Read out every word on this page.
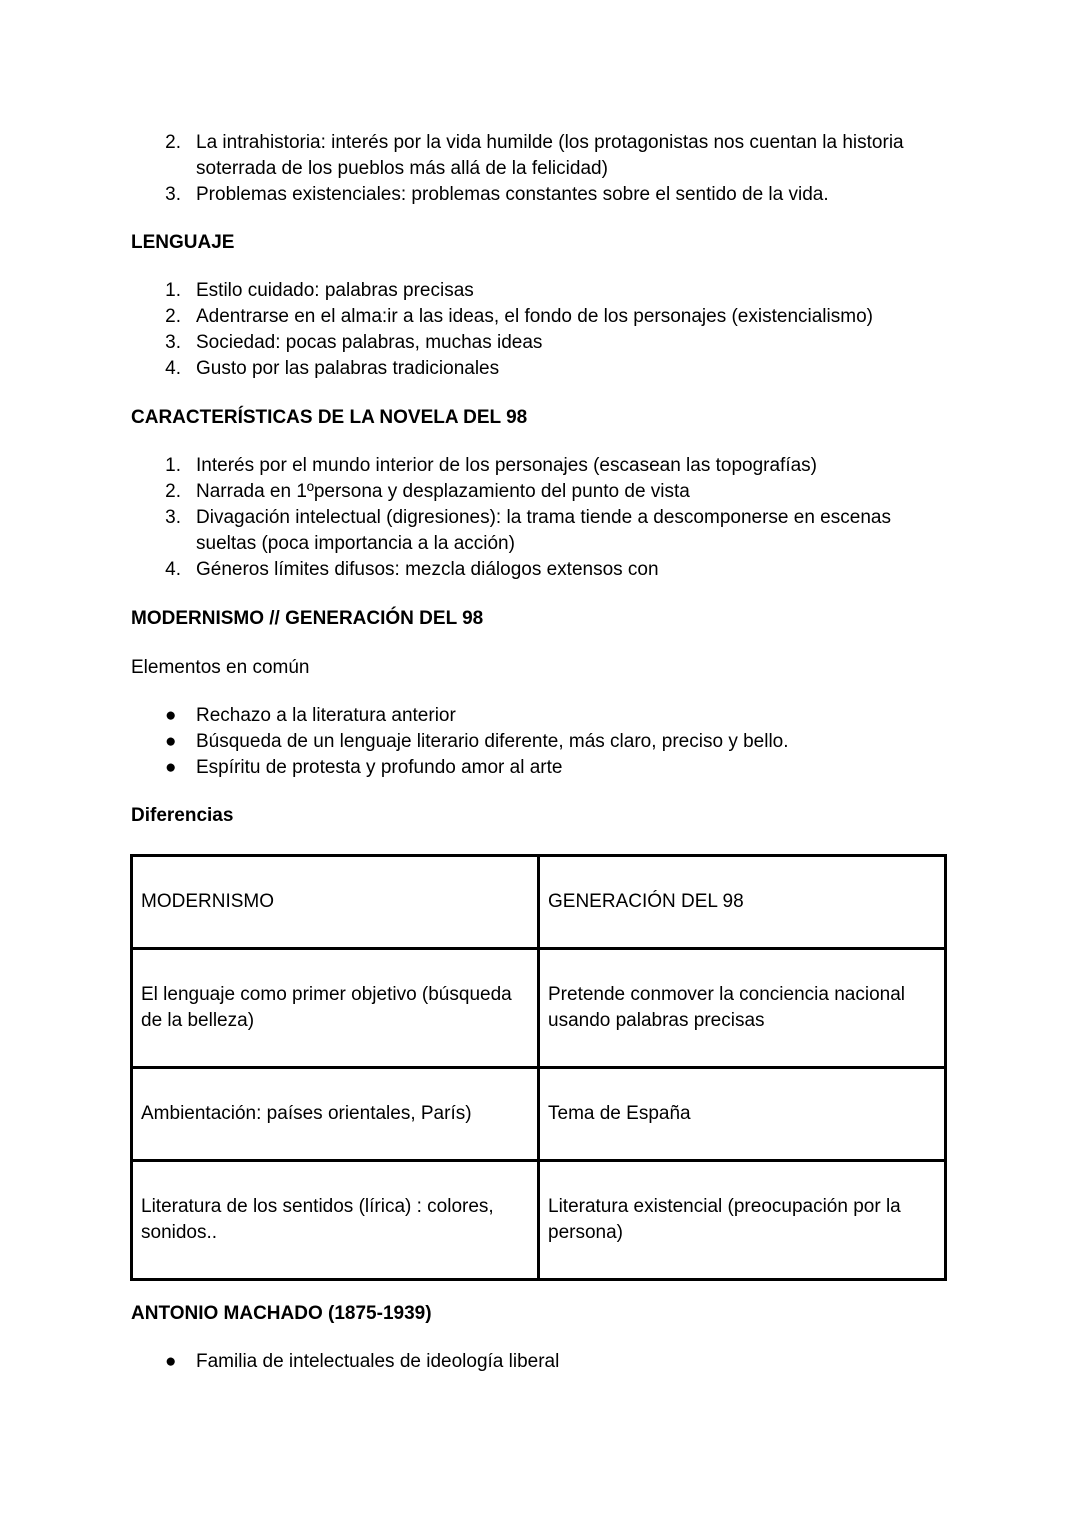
2. La intrahistoria: interés por la vida humilde (los protagonistas nos cuentan la historia soterrada de los pueblos más allá de la felicidad)
3. Problemas existenciales: problemas constantes sobre el sentido de la vida.
LENGUAJE
1. Estilo cuidado: palabras precisas
2. Adentrarse en el alma:ir a las ideas, el fondo de los personajes (existencialismo)
3. Sociedad: pocas palabras, muchas ideas
4. Gusto por las palabras tradicionales
CARACTERÍSTICAS DE LA NOVELA DEL 98
1. Interés por el mundo interior de los personajes (escasean las topografías)
2. Narrada en 1ºpersona y desplazamiento del punto de vista
3. Divagación intelectual (digresiones): la trama tiende a descomponerse en escenas sueltas (poca importancia a la acción)
4. Géneros límites difusos: mezcla diálogos extensos con
MODERNISMO // GENERACIÓN DEL 98
Elementos en común
● Rechazo a la literatura anterior
● Búsqueda de un lenguaje literario diferente, más claro, preciso y bello.
● Espíritu de protesta y profundo amor al arte
Diferencias
MODERNISMO	GENERACIÓN DEL 98
El lenguaje como primer objetivo (búsqueda de la belleza)	Pretende conmover la conciencia nacional usando palabras precisas
Ambientación: países orientales, París)	Tema de España
Literatura de los sentidos (lírica) : colores, sonidos..	Literatura existencial (preocupación por la persona)
ANTONIO MACHADO (1875-1939)
● Familia de intelectuales de ideología liberal
